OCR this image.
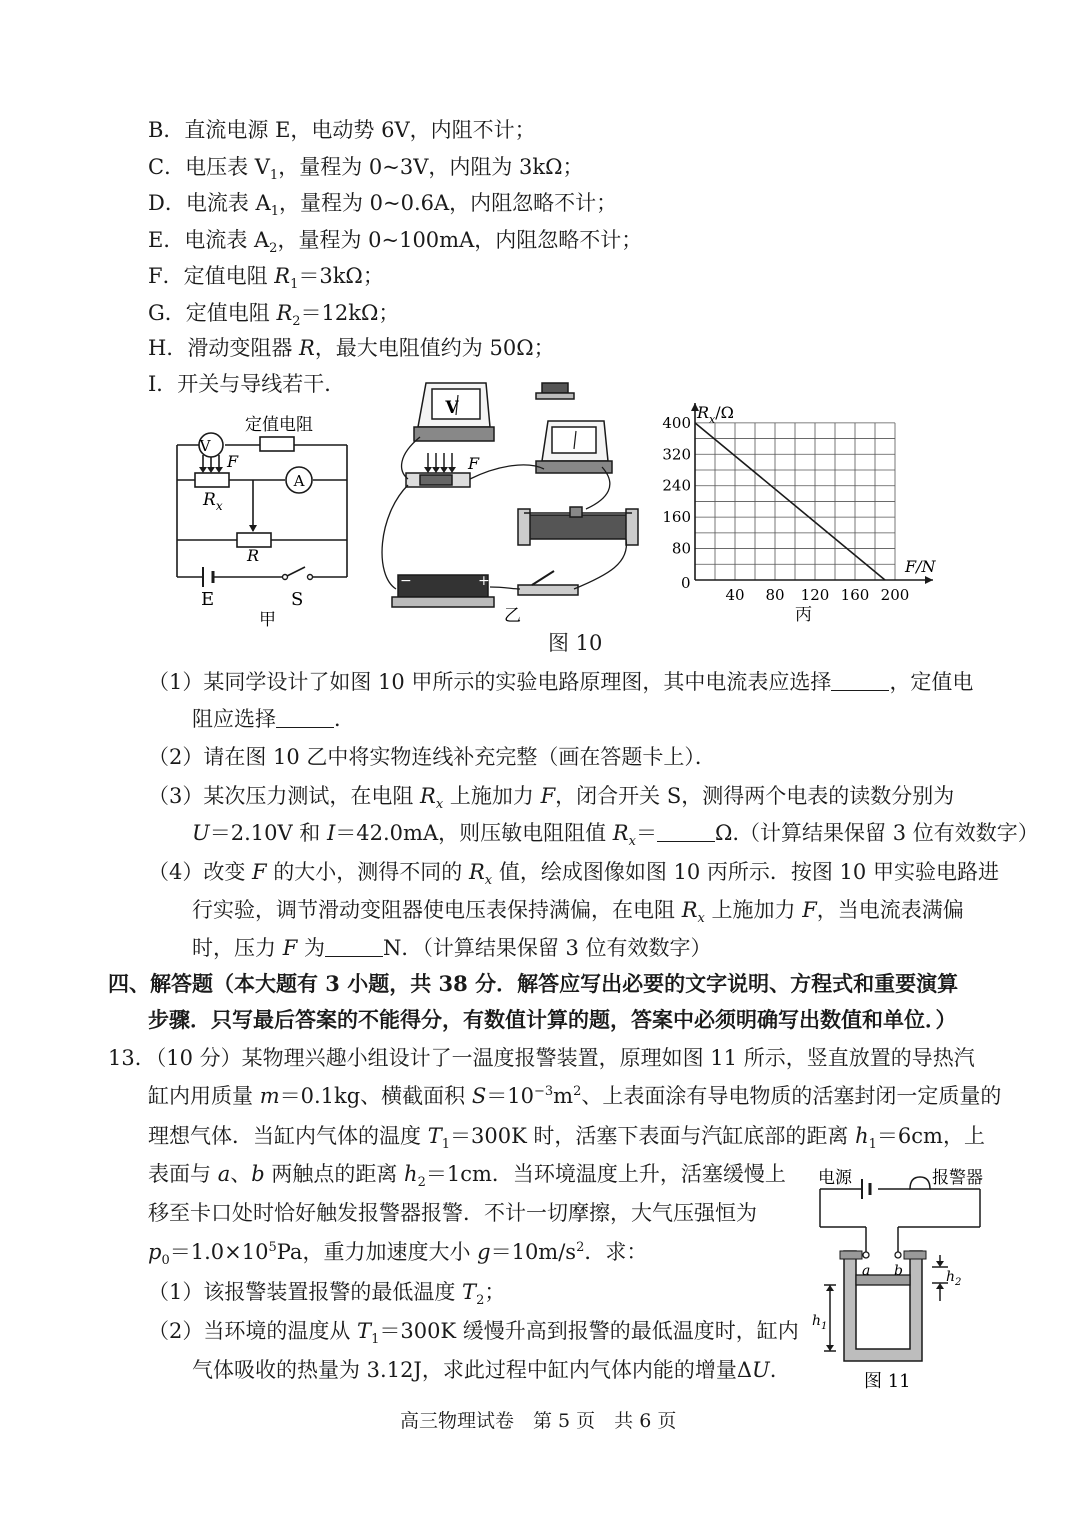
B．直流电源 E，电动势 6V，内阻不计；
C．电压表 $V_1$，量程为 0~3V，内阻为 3kΩ；
D．电流表 $A_1$，量程为 0~0.6A，内阻忽略不计；
E．电流表 $A_2$，量程为 0~100mA，内阻忽略不计；
F．定值电阻 $R_1=3k\Omega$；
G．定值电阻 $R_2=12k\Omega$；
H．滑动变阻器 R，最大电阻值约为 50Ω；
I．开关与导线若干．
定值电阻
V
A
F
$R_x$
R
E	S
甲
V
F
−	+
乙
400
320
240
160
80
40 80 120 160 200
$R_x/\Omega$
F/N
0
丙
图 10
（1）某同学设计了如图 10 甲所示的实验电路原理图，其中电流表应选择	，定值电
阻应选择	．
（2）请在图 10 乙中将实物连线补充完整（画在答题卡上）．
（3）某次压力测试，在电阻 $R_x$ 上施加力 F，闭合开关 S，测得两个电表的读数分别为
U＝2.10V 和 I＝42.0mA，则压敏电阻阻值 $R_x=$	Ω.（计算结果保留 3 位有效数字）
（4）改变 F 的大小，测得不同的 $R_x$ 值，绘成图像如图 10 丙所示．按图 10 甲实验电路进
行实验，调节滑动变阻器使电压表保持满偏，在电阻 $R_x$ 上施加力 F，当电流表满偏
时，压力 F 为	N．（计算结果保留 3 位有效数字）
四、解答题（本大题有 3 小题，共 38 分．解答应写出必要的文字说明、方程式和重要演算
步骤．只写最后答案的不能得分，有数值计算的题，答案中必须明确写出数值和单位．）
13．（10 分）某物理兴趣小组设计了一温度报警装置，原理如图 11 所示，竖直放置的导热汽
缸内用质量 m＝0.1kg、横截面积 $S=10^{-3}m^2$、上表面涂有导电物质的活塞封闭一定质量的
理想气体．当缸内气体的温度 $T_1=300K$ 时，活塞下表面与汽缸底部的距离 $h_1=6cm$，上
表面与 a、b 两触点的距离 $h_2=1cm$．当环境温度上升，活塞缓慢上
移至卡口处时恰好触发报警器报警．不计一切摩擦，大气压强恒为
$p_0=1.0\times 10^5Pa$，重力加速度大小 $g=10m/s^2$．求：
（1）该报警装置报警的最低温度 $T_2$；
（2）当环境的温度从 $T_1=300K$ 缓慢升高到报警的最低温度时，缸内
气体吸收的热量为 3.12J，求此过程中缸内气体内能的增量ΔU.
电源	报警器
a b	$h_2$
$h_1$
图 11
高三物理试卷　第 5 页　共 6 页
